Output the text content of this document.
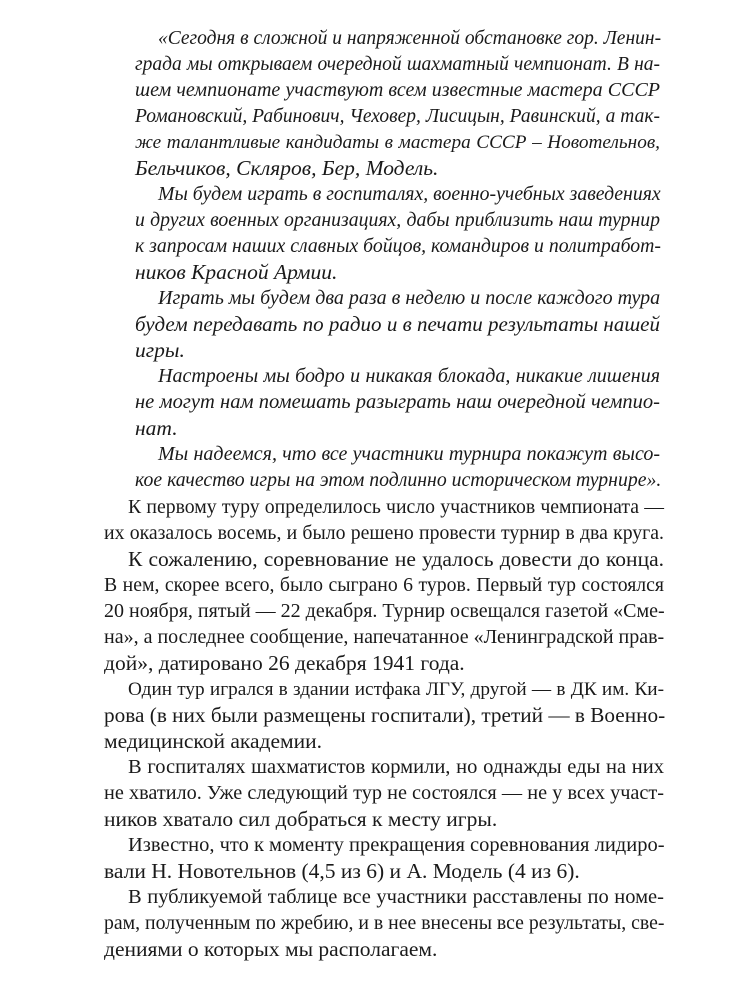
«Сегодня в сложной и напряженной обстановке гор. Ленин-

града мы открываем очередной шахматный чемпионат. В на-

шем чемпионате участвуют всем известные мастера СССР

Романовский, Рабинович, Чеховер, Лисицын, Равинский, а так-

же талантливые кандидаты в мастера СССР – Новотельнов,

Бельчиков, Скляров, Бер, Модель.

Мы будем играть в госпиталях, военно-учебных заведениях

и других военных организациях, дабы приблизить наш турнир

к запросам наших славных бойцов, командиров и политработ-

ников Красной Армии.

Играть мы будем два раза в неделю и после каждого тура

будем передавать по радио и в печати результаты нашей

игры.

Настроены мы бодро и никакая блокада, никакие лишения

не могут нам помешать разыграть наш очередной чемпио-

нат.

Мы надеемся, что все участники турнира покажут высо-

кое качество игры на этом подлинно историческом турнире».

К первому туру определилось число участников чемпионата —

их оказалось восемь, и было решено провести турнир в два круга.

К сожалению, соревнование не удалось довести до конца.

В нем, скорее всего, было сыграно 6 туров. Первый тур состоялся

20 ноября, пятый — 22 декабря. Турнир освещался газетой «Сме-

на», а последнее сообщение, напечатанное «Ленинградской прав-

дой», датировано 26 декабря 1941 года.

Один тур игрался в здании истфака ЛГУ, другой — в ДК им. Ки-

рова (в них были размещены госпитали), третий — в Военно-

медицинской академии.

В госпиталях шахматистов кормили, но однажды еды на них

не хватило. Уже следующий тур не состоялся — не у всех участ-

ников хватало сил добраться к месту игры.

Известно, что к моменту прекращения соревнования лидиро-

вали Н. Новотельнов (4,5 из 6) и А. Модель (4 из 6).

В публикуемой таблице все участники расставлены по номе-

рам, полученным по жребию, и в нее внесены все результаты, све-

дениями о которых мы располагаем.
